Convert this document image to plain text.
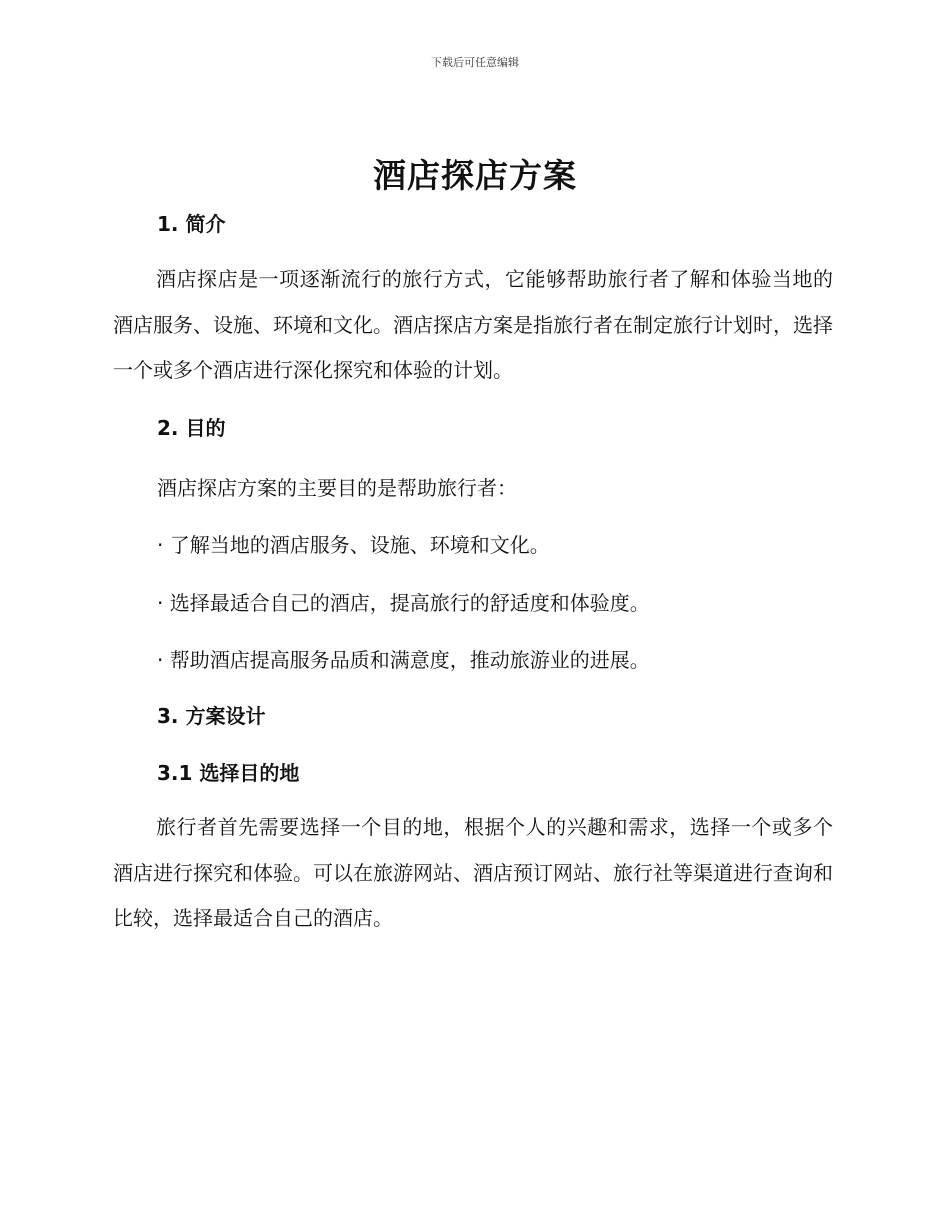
下载后可任意编辑
酒店探店方案
1. 简介

酒店探店是一项逐渐流行的旅行方式，它能够帮助旅行者了解和体验当地的酒店服务、设施、环境和文化。酒店探店方案是指旅行者在制定旅行计划时，选择一个或多个酒店进行深化探究和体验的计划。

2. 目的

酒店探店方案的主要目的是帮助旅行者：

· 了解当地的酒店服务、设施、环境和文化。

· 选择最适合自己的酒店，提高旅行的舒适度和体验度。

· 帮助酒店提高服务品质和满意度，推动旅游业的进展。

3. 方案设计
3.1 选择目的地

旅行者首先需要选择一个目的地，根据个人的兴趣和需求，选择一个或多个酒店进行探究和体验。可以在旅游网站、酒店预订网站、旅行社等渠道进行查询和比较，选择最适合自己的酒店。
